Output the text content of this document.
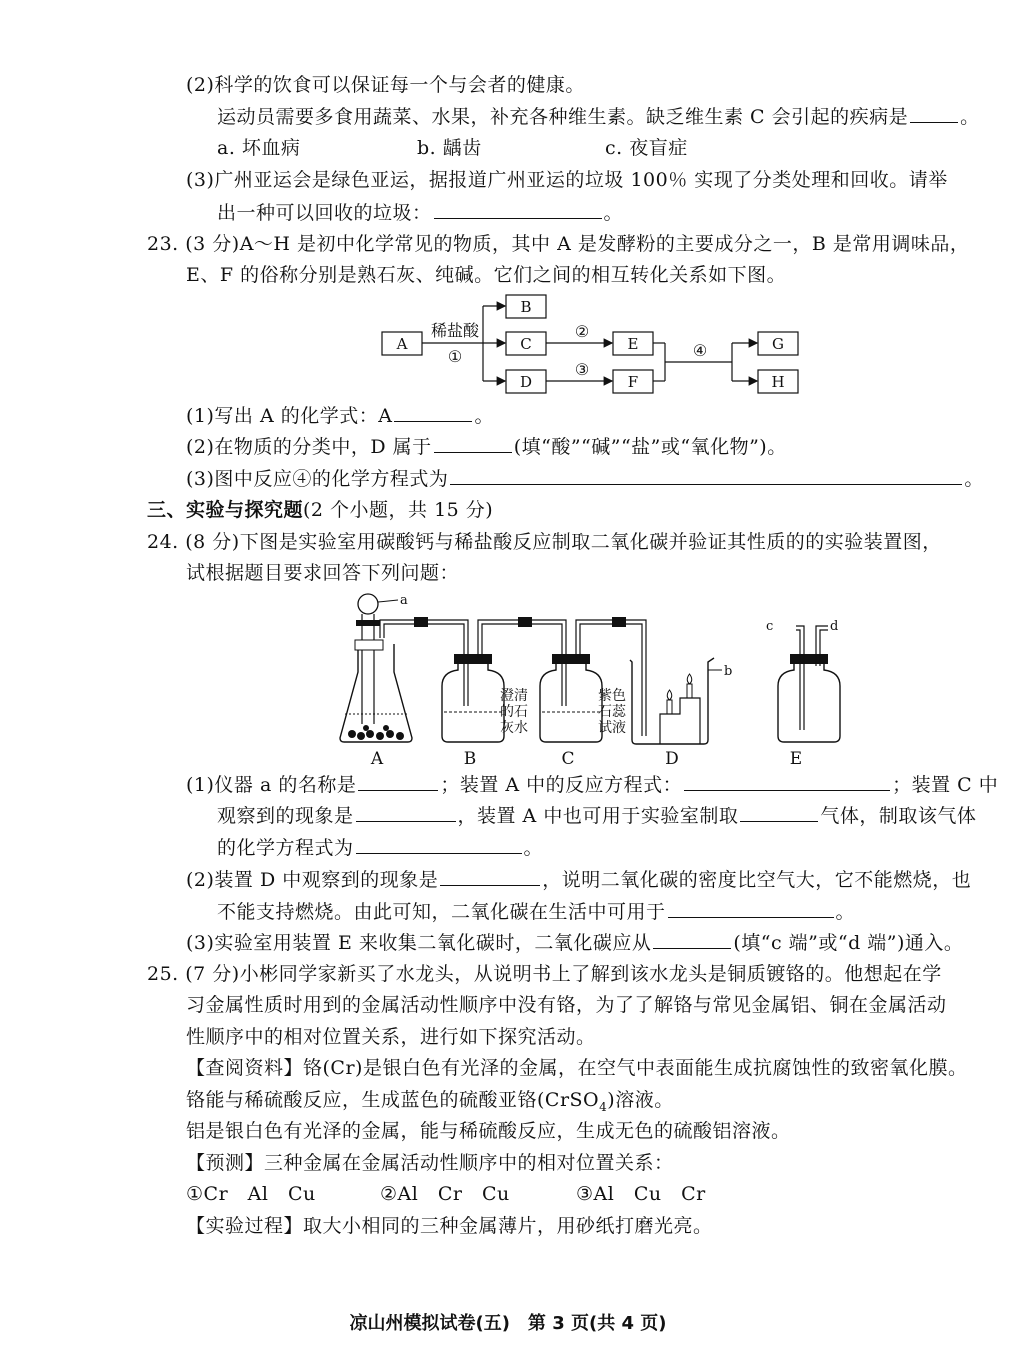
(2)科学的饮食可以保证每一个与会者的健康。
运动员需要多食用蔬菜、水果，补充各种维生素。缺乏维生素 C 会引起的疾病是	。
a. 坏血病	b. 龋齿	c. 夜盲症
(3)广州亚运会是绿色亚运，据报道广州亚运的垃圾 100％ 实现了分类处理和回收。请举
出一种可以回收的垃圾：	。
23. (3 分)A～H 是初中化学常见的物质，其中 A 是发酵粉的主要成分之一，B 是常用调味品，
E、F 的俗称分别是熟石灰、纯碱。它们之间的相互转化关系如下图。
A
B
C
D
E
F
G
H
稀盐酸
①
②
③
④
(1)写出 A 的化学式：A	。
(2)在物质的分类中，D 属于	(填“酸”“碱”“盐”或“氧化物”)。
(3)图中反应④的化学方程式为	。
三、实验与探究题(2 个小题，共 15 分)
24. (8 分)下图是实验室用碳酸钙与稀盐酸反应制取二氧化碳并验证其性质的的实验装置图，
试根据题目要求回答下列问题：
a
澄清
的石
灰水
紫色
石蕊
试液
b
c	d
A	B	C	D	E
(1)仪器 a 的名称是	；装置 A 中的反应方程式：	；装置 C 中
观察到的现象是	，装置 A 中也可用于实验室制取	气体，制取该气体
的化学方程式为	。
(2)装置 D 中观察到的现象是	，说明二氧化碳的密度比空气大，它不能燃烧，也
不能支持燃烧。由此可知，二氧化碳在生活中可用于	。
(3)实验室用装置 E 来收集二氧化碳时，二氧化碳应从	(填“c 端”或“d 端”)通入。
25. (7 分)小彬同学家新买了水龙头，从说明书上了解到该水龙头是铜质镀铬的。他想起在学
习金属性质时用到的金属活动性顺序中没有铬，为了了解铬与常见金属铝、铜在金属活动
性顺序中的相对位置关系，进行如下探究活动。
【查阅资料】铬(Cr)是银白色有光泽的金属，在空气中表面能生成抗腐蚀性的致密氧化膜。
铬能与稀硫酸反应，生成蓝色的硫酸亚铬(CrSO$_4$)溶液。
铝是银白色有光泽的金属，能与稀硫酸反应，生成无色的硫酸铝溶液。
【预测】三种金属在金属活动性顺序中的相对位置关系：
①Cr　Al　Cu	②Al　Cr　Cu	③Al　Cu　Cr
【实验过程】取大小相同的三种金属薄片，用砂纸打磨光亮。
凉山州模拟试卷(五)　第 3 页(共 4 页)
